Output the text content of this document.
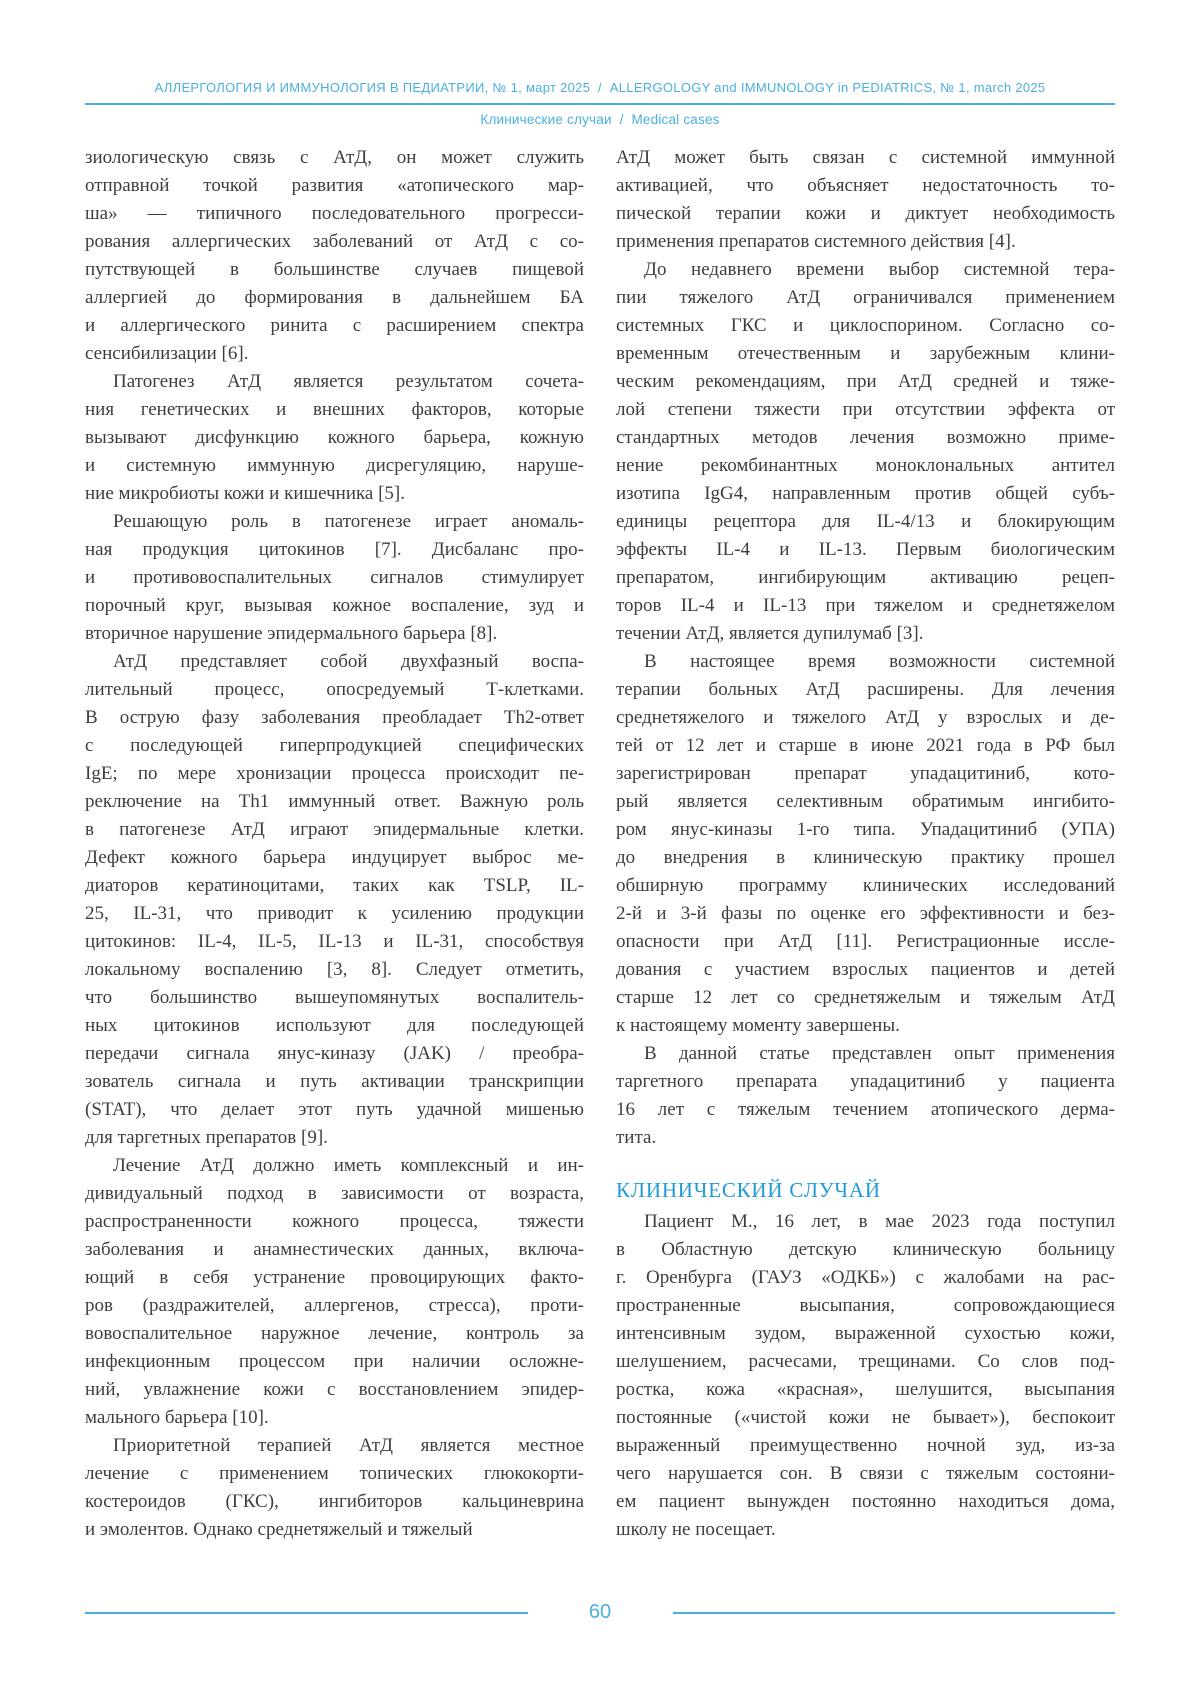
АЛЛЕРГОЛОГИЯ И ИММУНОЛОГИЯ В ПЕДИАТРИИ, № 1, март 2025  /  ALLERGOLOGY and IMMUNOLOGY in PEDIATRICS, № 1, march 2025
Клинические случаи  /  Medical cases
зиологическую связь с АтД, он может служить
отправной точкой развития «атопического мар-
ша» — типичного последовательного прогресси-
рования аллергических заболеваний от АтД с со-
путствующей в большинстве случаев пищевой
аллергией до формирования в дальнейшем БА
и аллергического ринита с расширением спектра
сенсибилизации [6].
Патогенез АтД является результатом сочета-
ния генетических и внешних факторов, которые
вызывают дисфункцию кожного барьера, кожную
и системную иммунную дисрегуляцию, наруше-
ние микробиоты кожи и кишечника [5].
Решающую роль в патогенезе играет аномаль-
ная продукция цитокинов [7]. Дисбаланс про-
и противовоспалительных сигналов стимулирует
порочный круг, вызывая кожное воспаление, зуд и
вторичное нарушение эпидермального барьера [8].
АтД представляет собой двухфазный воспа-
лительный процесс, опосредуемый Т-клетками.
В острую фазу заболевания преобладает Th2-ответ
с последующей гиперпродукцией специфических
IgE; по мере хронизации процесса происходит пе-
реключение на Th1 иммунный ответ. Важную роль
в патогенезе АтД играют эпидермальные клетки.
Дефект кожного барьера индуцирует выброс ме-
диаторов кератиноцитами, таких как TSLP, IL-
25, IL-31, что приводит к усилению продукции
цитокинов: IL-4, IL-5, IL-13 и IL-31, способствуя
локальному воспалению [3, 8]. Следует отметить,
что большинство вышеупомянутых воспалитель-
ных цитокинов используют для последующей
передачи сигнала янус-киназу (JAK) / преобра-
зователь сигнала и путь активации транскрипции
(STAT), что делает этот путь удачной мишенью
для таргетных препаратов [9].
Лечение АтД должно иметь комплексный и ин-
дивидуальный подход в зависимости от возраста,
распространенности кожного процесса, тяжести
заболевания и анамнестических данных, включа-
ющий в себя устранение провоцирующих факто-
ров (раздражителей, аллергенов, стресса), проти-
вовоспалительное наружное лечение, контроль за
инфекционным процессом при наличии осложне-
ний, увлажнение кожи с восстановлением эпидер-
мального барьера [10].
Приоритетной терапией АтД является местное
лечение с применением топических глюкокорти-
костероидов (ГКС), ингибиторов кальциневрина
и эмолентов. Однако среднетяжелый и тяжелый
АтД может быть связан с системной иммунной
активацией, что объясняет недостаточность то-
пической терапии кожи и диктует необходимость
применения препаратов системного действия [4].
До недавнего времени выбор системной тера-
пии тяжелого АтД ограничивался применением
системных ГКС и циклоспорином. Согласно со-
временным отечественным и зарубежным клини-
ческим рекомендациям, при АтД средней и тяже-
лой степени тяжести при отсутствии эффекта от
стандартных методов лечения возможно приме-
нение рекомбинантных моноклональных антител
изотипа IgG4, направленным против общей субъ-
единицы рецептора для IL-4/13 и блокирующим
эффекты IL-4 и IL-13. Первым биологическим
препаратом, ингибирующим активацию рецеп-
торов IL-4 и IL-13 при тяжелом и среднетяжелом
течении АтД, является дупилумаб [3].
В настоящее время возможности системной
терапии больных АтД расширены. Для лечения
среднетяжелого и тяжелого АтД у взрослых и де-
тей от 12 лет и старше в июне 2021 года в РФ был
зарегистрирован препарат упадацитиниб, кото-
рый является селективным обратимым ингибито-
ром янус-киназы 1-го типа. Упадацитиниб (УПА)
до внедрения в клиническую практику прошел
обширную программу клинических исследований
2-й и 3-й фазы по оценке его эффективности и без-
опасности при АтД [11]. Регистрационные иссле-
дования с участием взрослых пациентов и детей
старше 12 лет со среднетяжелым и тяжелым АтД
к настоящему моменту завершены.
В данной статье представлен опыт применения
таргетного препарата упадацитиниб у пациента
16 лет с тяжелым течением атопического дерма-
тита.
КЛИНИЧЕСКИЙ СЛУЧАЙ
Пациент М., 16 лет, в мае 2023 года поступил
в Областную детскую клиническую больницу
г. Оренбурга (ГАУЗ «ОДКБ») с жалобами на рас-
пространенные высыпания, сопровождающиеся
интенсивным зудом, выраженной сухостью кожи,
шелушением, расчесами, трещинами. Со слов под-
ростка, кожа «красная», шелушится, высыпания
постоянные («чистой кожи не бывает»), беспокоит
выраженный преимущественно ночной зуд, из-за
чего нарушается сон. В связи с тяжелым состояни-
ем пациент вынужден постоянно находиться дома,
школу не посещает.
60
